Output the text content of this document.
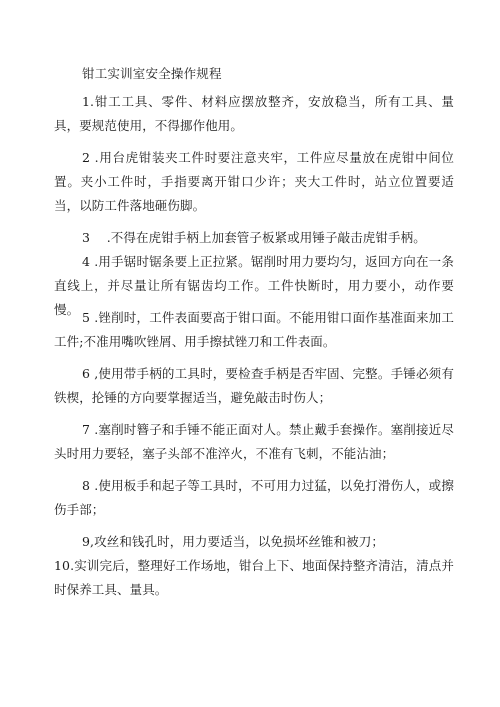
钳工实训室安全操作规程

1.钳工工具、零件、材料应摆放整齐，安放稳当，所有工具、量具，要规范使用，不得挪作他用。

2 .用台虎钳装夹工件时要注意夹牢，工件应尽量放在虎钳中间位置。夹小工件时，手指要离开钳口少许；夹大工件时，站立位置要适当，以防工件落地砸伤脚。

3　 .不得在虎钳手柄上加套管子板紧或用锤子敲击虎钳手柄。

4 .用手锯时锯条要上正拉紧。锯削时用力要均匀，返回方向在一条直线上，并尽量让所有锯齿均工作。工件快断时，用力要小，动作要慢。

5 .锉削时，工件表面要高于钳口面。不能用钳口面作基准面来加工工件;不准用嘴吹锉屑、用手擦拭锉刀和工件表面。

6 ,使用带手柄的工具时，要检查手柄是否牢固、完整。手锤必须有铁楔，抡锤的方向要掌握适当，避免敲击时伤人；

7 .塞削时簪子和手锤不能正面对人。禁止戴手套操作。塞削接近尽头时用力要轻，塞子头部不准淬火，不准有飞刺，不能沾油；

8 .使用板手和起子等工具时，不可用力过猛，以免打滑伤人，或擦伤手部；

9,攻丝和钱孔时，用力要适当，以免损坏丝锥和被刀；

10.实训完后，整理好工作场地，钳台上下、地面保持整齐清洁，清点并时保养工具、量具。
